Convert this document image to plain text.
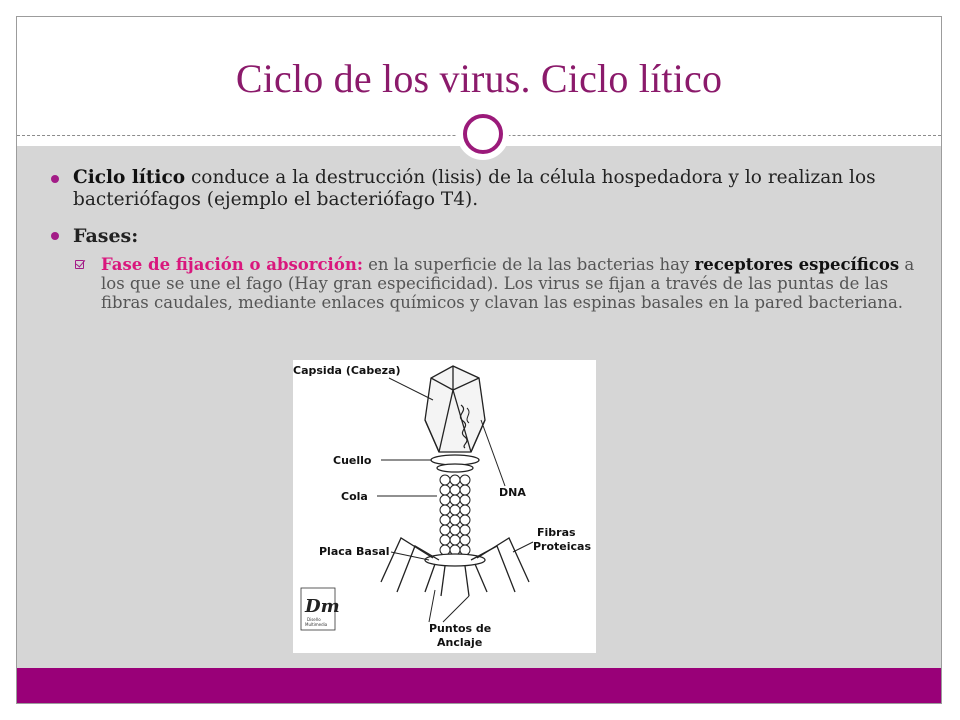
Ciclo de los virus. Ciclo lítico
Ciclo lítico conduce a la destrucción (lisis) de la célula hospedadora y lo realizan los bacteriófagos (ejemplo el bacteriófago T4).
Fases:
Fase de fijación o absorción: en la superficie de la las bacterias hay receptores específicos a los que se une el fago (Hay gran especificidad). Los virus se fijan a través de las puntas de las fibras caudales, mediante enlaces químicos y clavan las espinas basales en la pared bacteriana.
Dm
Diseño
Multimedia
Capsida (Cabeza)
Cuello
Cola	DNA
Placa Basal
Fibras
Proteicas
Puntos de
Anclaje
